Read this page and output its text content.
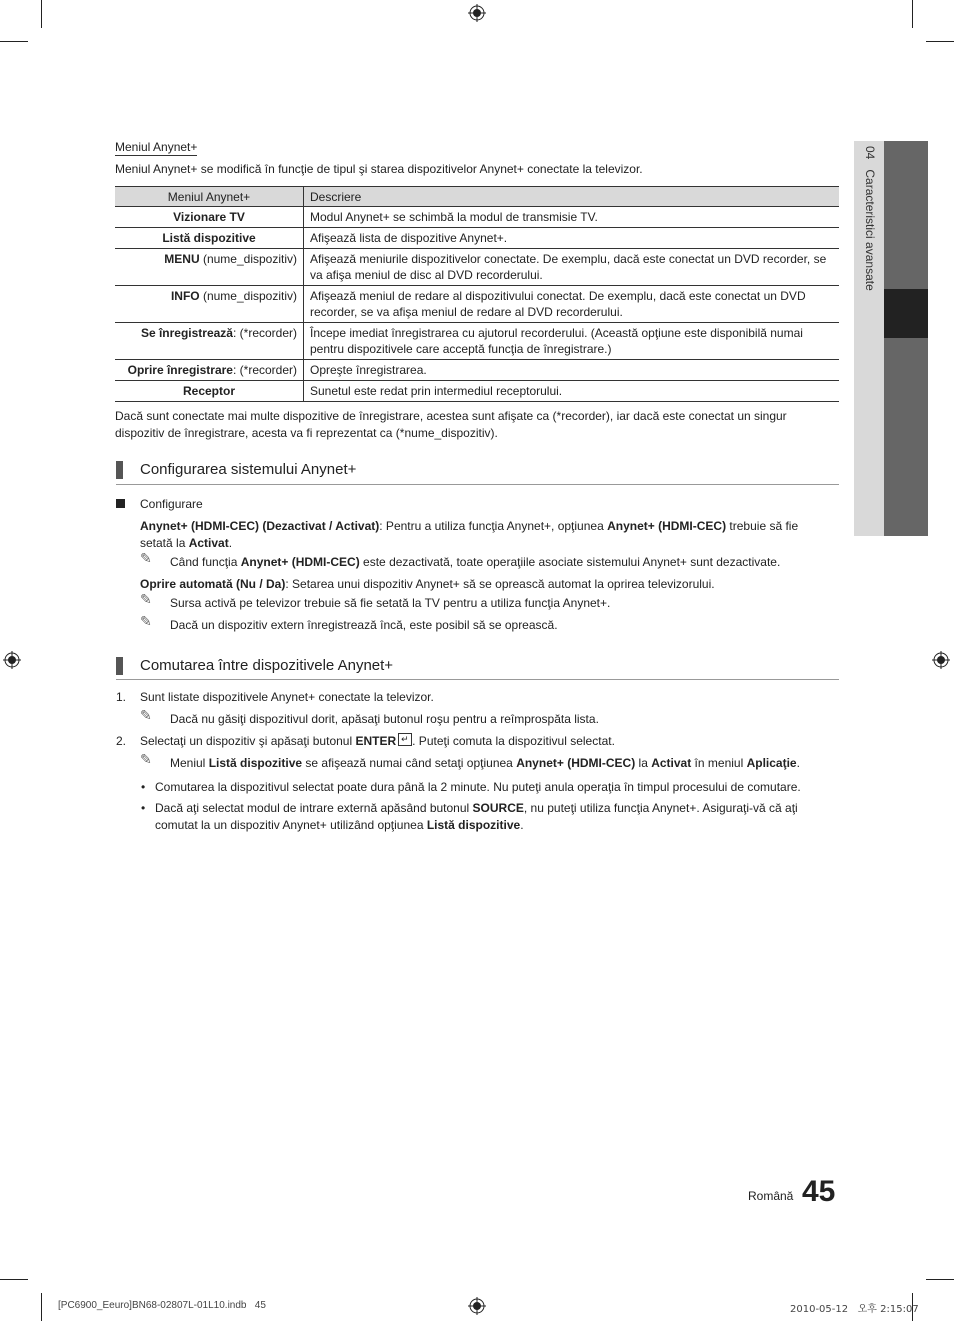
04   Caracteristici avansate
Meniul Anynet+
Meniul Anynet+ se modifică în funcţie de tipul şi starea dispozitivelor Anynet+ conectate la televizor.
Meniul Anynet+	Descriere
Vizionare TV	Modul Anynet+ se schimbă la modul de transmisie TV.
Listă dispozitive	Afişează lista de dispozitive Anynet+.
MENU (nume_dispozitiv)	Afişează meniurile dispozitivelor conectate. De exemplu, dacă este conectat un DVD recorder, se va afişa meniul de disc al DVD recorderului.
INFO (nume_dispozitiv)	Afişează meniul de redare al dispozitivului conectat. De exemplu, dacă este conectat un DVD recorder, se va afişa meniul de redare al DVD recorderului.
Se înregistrează: (*recorder)	Începe imediat înregistrarea cu ajutorul recorderului. (Această opţiune este disponibilă numai pentru dispozitivele care acceptă funcţia de înregistrare.)
Oprire înregistrare: (*recorder)	Opreşte înregistrarea.
Receptor	Sunetul este redat prin intermediul receptorului.
Dacă sunt conectate mai multe dispozitive de înregistrare, acestea sunt afişate ca (*recorder), iar dacă este conectat un singur dispozitiv de înregistrare, acesta va fi reprezentat ca (*nume_dispozitiv).
Configurarea sistemului Anynet+
Configurare
Anynet+ (HDMI-CEC) (Dezactivat / Activat): Pentru a utiliza funcţia Anynet+, opţiunea Anynet+ (HDMI-CEC) trebuie să fie
setată la Activat.
✎ Când funcţia Anynet+ (HDMI-CEC) este dezactivată, toate operaţiile asociate sistemului Anynet+ sunt dezactivate.
Oprire automată (Nu / Da): Setarea unui dispozitiv Anynet+ să se oprească automat la oprirea televizorului.
✎ Sursa activă pe televizor trebuie să fie setată la TV pentru a utiliza funcţia Anynet+.
✎ Dacă un dispozitiv extern înregistrează încă, este posibil să se oprească.
Comutarea între dispozitivele Anynet+
1. Sunt listate dispozitivele Anynet+ conectate la televizor.
✎ Dacă nu găsiţi dispozitivul dorit, apăsaţi butonul roşu pentru a reîmprospăta lista.
2. Selectaţi un dispozitiv şi apăsaţi butonul ENTER ↵ . Puteţi comuta la dispozitivul selectat.
✎ Meniul Listă dispozitive se afişează numai când setaţi opţiunea Anynet+ (HDMI-CEC) la Activat în meniul Aplicaţie.
• Comutarea la dispozitivul selectat poate dura până la 2 minute. Nu puteţi anula operaţia în timpul procesului de comutare.
• Dacă aţi selectat modul de intrare externă apăsând butonul SOURCE, nu puteţi utiliza funcţia Anynet+. Asiguraţi-vă că aţi
comutat la un dispozitiv Anynet+ utilizând opţiunea Listă dispozitive.
Română 45
[PC6900_Eeuro]BN68-02807L-01L10.indb   45	2010-05-12   오후 2:15:07
